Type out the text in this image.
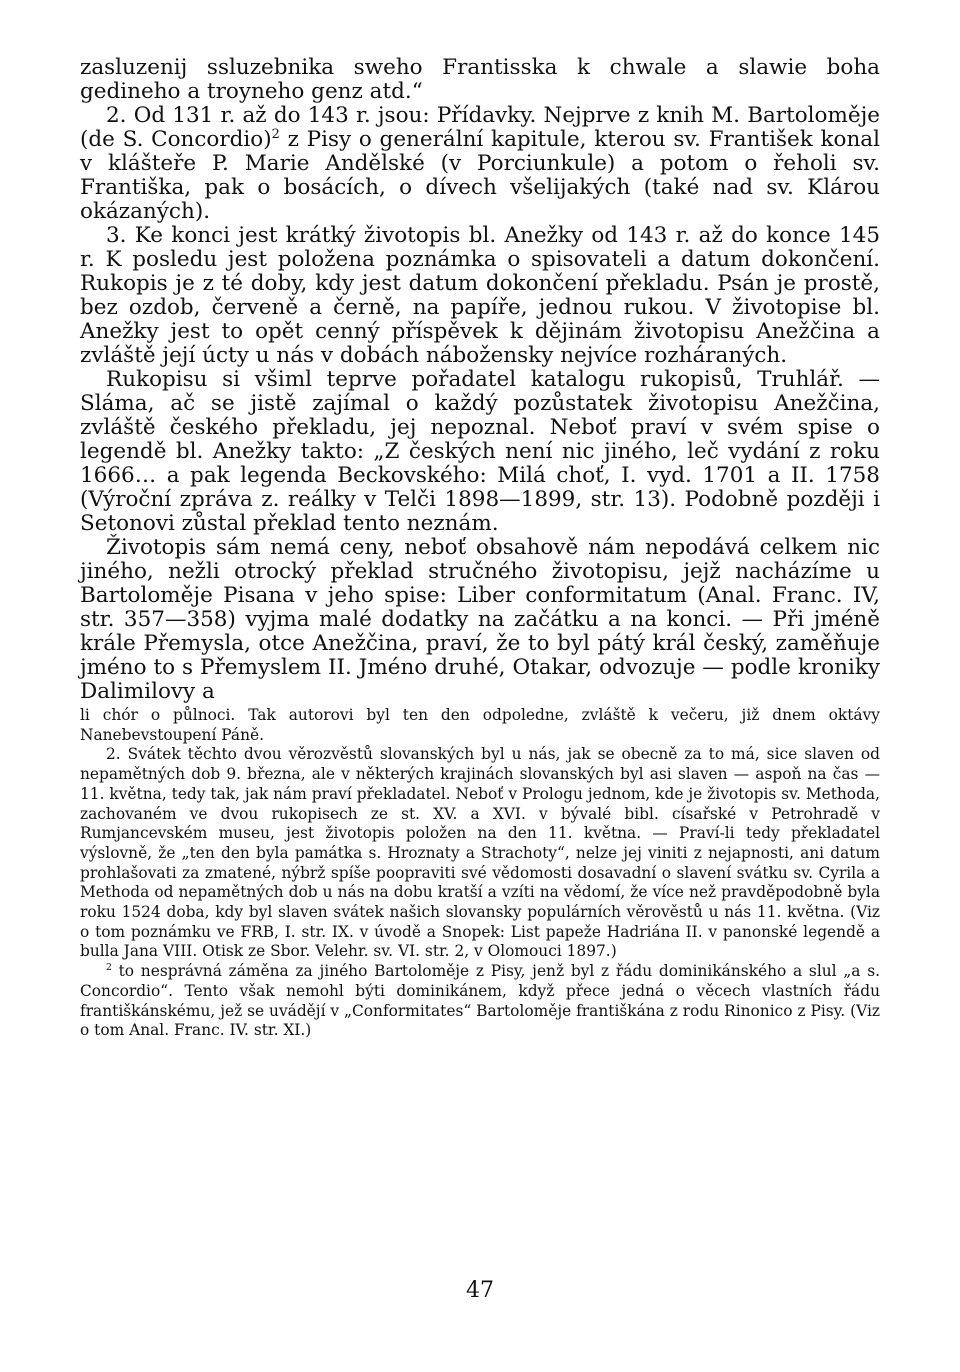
zasluzenij ssluzebnika sweho Frantisska k chwale a slawie boha gedineho a troyneho genz atd.“

2. Od 131 r. až do 143 r. jsou: Přídavky. Nejprve z knih M. Bartoloměje (de S. Concordio)$^2$ z Pisy o generální kapitule, kterou sv. František konal v klášteře P. Marie Andělské (v Porciunkule) a potom o řeholi sv. Františka, pak o bosácích, o dívech všelijakých (také nad sv. Klárou okázaných).

3. Ke konci jest krátký životopis bl. Anežky od 143 r. až do konce 145 r. K posledu jest položena poznámka o spisovateli a datum dokončení. Rukopis je z té doby, kdy jest datum dokončení překladu. Psán je prostě, bez ozdob, červeně a černě, na papíře, jednou rukou. V životopise bl. Anežky jest to opět cenný příspěvek k dějinám životopisu Anežčina a zvláště její úcty u nás v dobách nábožensky nejvíce rozháraných.

Rukopisu si všiml teprve pořadatel katalogu rukopisů, Truhlář. — Sláma, ač se jistě zajímal o každý pozůstatek životopisu Anežčina, zvláště českého překladu, jej nepoznal. Neboť praví v svém spise o legendě bl. Anežky takto: „Z českých není nic jiného, leč vydání z roku 1666… a pak legenda Beckovského: Milá choť, I. vyd. 1701 a II. 1758 (Výroční zpráva z. reálky v Telči 1898—1899, str. 13). Podobně později i Setonovi zůstal překlad tento neznám.

Životopis sám nemá ceny, neboť obsahově nám nepodává celkem nic jiného, nežli otrocký překlad stručného životopisu, jejž nacházíme u Bartoloměje Pisana v jeho spise: Liber conformitatum (Anal. Franc. IV, str. 357—358) vyjma malé dodatky na začátku a na konci. — Při jméně krále Přemysla, otce Anežčina, praví, že to byl pátý král český, zaměňuje jméno to s Přemyslem II. Jméno druhé, Otakar, odvozuje — podle kroniky Dalimilovy a

li chór o půlnoci. Tak autorovi byl ten den odpoledne, zvláště k večeru, již dnem oktávy Nanebevstoupení Páně.

2. Svátek těchto dvou věrozvěstů slovanských byl u nás, jak se obecně za to má, sice slaven od nepamětných dob 9. března, ale v některých krajinách slovanských byl asi slaven — aspoň na čas — 11. května, tedy tak, jak nám praví překladatel. Neboť v Prologu jednom, kde je životopis sv. Methoda, zachovaném ve dvou rukopisech ze st. XV. a XVI. v bývalé bibl. císařské v Petrohradě v Rumjancevském museu, jest životopis položen na den 11. května. — Praví-li tedy překladatel výslovně, že „ten den byla památka s. Hroznaty a Strachoty“, nelze jej viniti z nejapnosti, ani datum prohlašovati za zmatené, nýbrž spíše poopraviti své vědomosti dosavadní o slavení svátku sv. Cyrila a Methoda od nepamětných dob u nás na dobu kratší a vzíti na vědomí, že více než pravděpodobně byla roku 1524 doba, kdy byl slaven svátek našich slovansky populárních věrověstů u nás 11. května. (Viz o tom poznámku ve FRB, I. str. IX. v úvodě a Snopek: List papeže Hadriána II. v panonské legendě a bulla Jana VIII. Otisk ze Sbor. Velehr. sv. VI. str. 2, v Olomouci 1897.)

$^2$ to nesprávná záměna za jiného Bartoloměje z Pisy, jenž byl z řádu dominikánského a slul „a s. Concordio“. Tento však nemohl býti dominikánem, když přece jedná o věcech vlastních řádu františkánskému, jež se uvádějí v „Conformitates“ Bartoloměje františkána z rodu Rinonico z Pisy. (Viz o tom Anal. Franc. IV. str. XI.)

47
